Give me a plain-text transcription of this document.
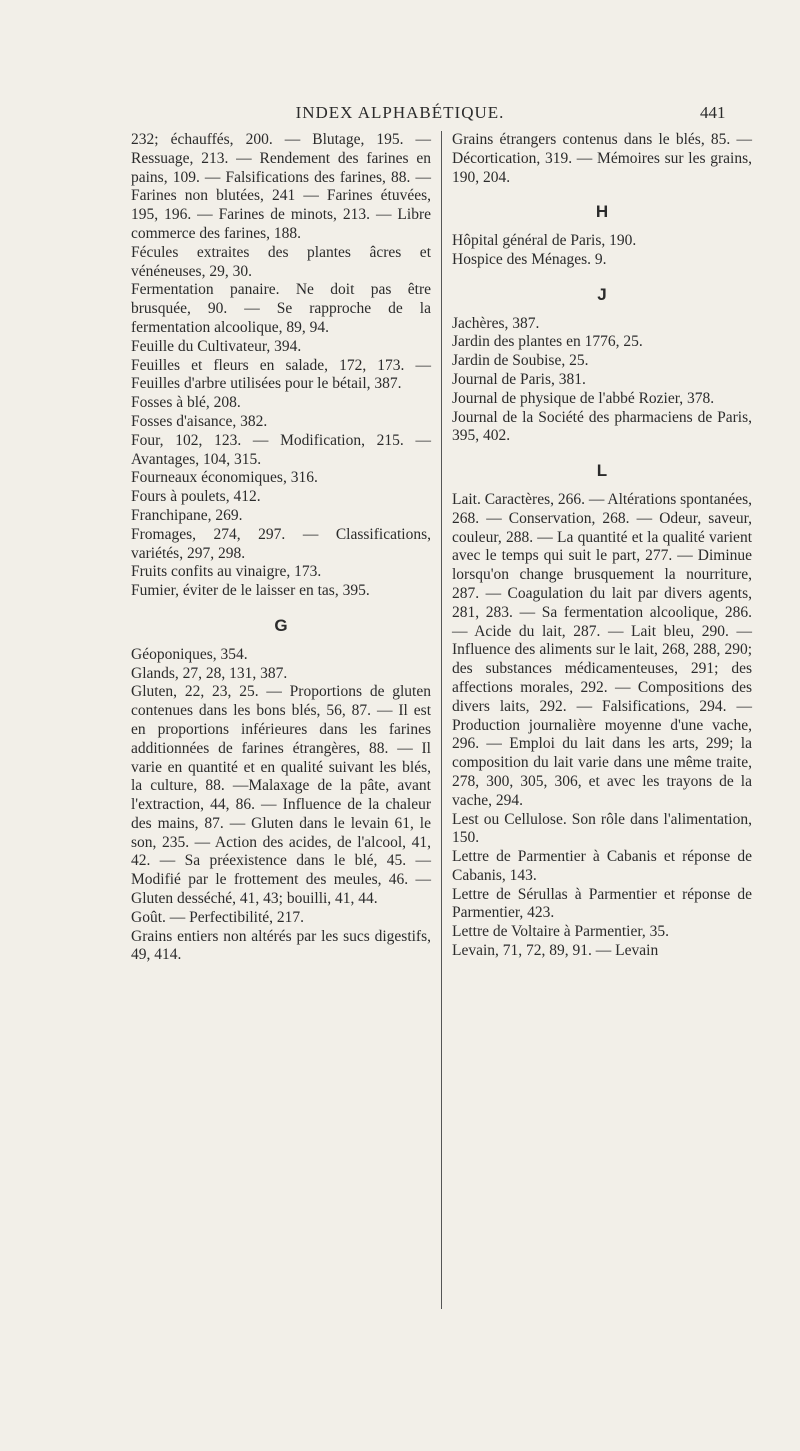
INDEX ALPHABÉTIQUE.	441

232; échauffés, 200. — Blutage, 195. — Ressuage, 213. — Rendement des farines en pains, 109. — Falsifications des farines, 88. — Farines non blutées, 241 — Farines étuvées, 195, 196. — Farines de minots, 213. — Libre commerce des farines, 188.

Fécules extraites des plantes âcres et vénéneuses, 29, 30.

Fermentation panaire. Ne doit pas être brusquée, 90. — Se rapproche de la fermentation alcoolique, 89, 94.

Feuille du Cultivateur, 394.

Feuilles et fleurs en salade, 172, 173. — Feuilles d'arbre utilisées pour le bétail, 387.

Fosses à blé, 208.

Fosses d'aisance, 382.

Four, 102, 123. — Modification, 215. — Avantages, 104, 315.

Fourneaux économiques, 316.

Fours à poulets, 412.

Franchipane, 269.

Fromages, 274, 297. — Classifications, variétés, 297, 298.

Fruits confits au vinaigre, 173.

Fumier, éviter de le laisser en tas, 395.

G

Géoponiques, 354.

Glands, 27, 28, 131, 387.

Gluten, 22, 23, 25. — Proportions de gluten contenues dans les bons blés, 56, 87. — Il est en proportions inférieures dans les farines additionnées de farines étrangères, 88. — Il varie en quantité et en qualité suivant les blés, la culture, 88. —Malaxage de la pâte, avant l'extraction, 44, 86. — Influence de la chaleur des mains, 87. — Gluten dans le levain 61, le son, 235. — Action des acides, de l'alcool, 41, 42. — Sa préexistence dans le blé, 45. — Modifié par le frottement des meules, 46. — Gluten desséché, 41, 43; bouilli, 41, 44.

Goût. — Perfectibilité, 217.

Grains entiers non altérés par les sucs digestifs, 49, 414.

Grains étrangers contenus dans le blés, 85. — Décortication, 319. — Mémoires sur les grains, 190, 204.

H

Hôpital général de Paris, 190.

Hospice des Ménages. 9.

J

Jachères, 387.

Jardin des plantes en 1776, 25.

Jardin de Soubise, 25.

Journal de Paris, 381.

Journal de physique de l'abbé Rozier, 378.

Journal de la Société des pharmaciens de Paris, 395, 402.

L

Lait. Caractères, 266. — Altérations spontanées, 268. — Conservation, 268. — Odeur, saveur, couleur, 288. — La quantité et la qualité varient avec le temps qui suit le part, 277. — Diminue lorsqu'on change brusquement la nourriture, 287. — Coagulation du lait par divers agents, 281, 283. — Sa fermentation alcoolique, 286. — Acide du lait, 287. — Lait bleu, 290. — Influence des aliments sur le lait, 268, 288, 290; des substances médicamenteuses, 291; des affections morales, 292. — Compositions des divers laits, 292. — Falsifications, 294. — Production journalière moyenne d'une vache, 296. — Emploi du lait dans les arts, 299; la composition du lait varie dans une même traite, 278, 300, 305, 306, et avec les trayons de la vache, 294.

Lest ou Cellulose. Son rôle dans l'alimentation, 150.

Lettre de Parmentier à Cabanis et réponse de Cabanis, 143.

Lettre de Sérullas à Parmentier et réponse de Parmentier, 423.

Lettre de Voltaire à Parmentier, 35.

Levain, 71, 72, 89, 91. — Levain
